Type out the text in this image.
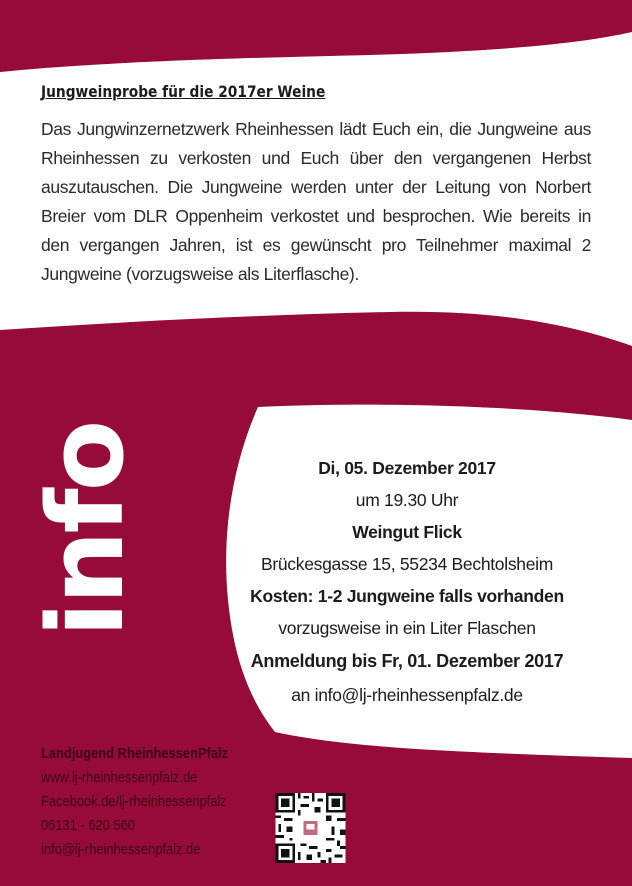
Jungweinprobe für die 2017er Weine

Das Jungwinzernetzwerk Rheinhessen lädt Euch ein, die Jungweine aus Rheinhessen zu verkosten und Euch über den vergangenen Herbst auszutauschen. Die Jungweine werden unter der Leitung von Norbert Breier vom DLR Oppenheim verkostet und besprochen. Wie bereits in den vergangen Jahren, ist es gewünscht pro Teilnehmer maximal 2 Jungweine (vorzugsweise als Literflasche).

info	Di, 05. Dezember 2017
um 19.30 Uhr
Weingut Flick
Brückesgasse 15, 55234 Bechtolsheim
Kosten: 1-2 Jungweine falls vorhanden
vorzugsweise in ein Liter Flaschen
Anmeldung bis Fr, 01. Dezember 2017
an info@lj-rheinhessenpfalz.de
Landjugend RheinhessenPfalz
www.lj-rheinhessenpfalz.de
Facebook.de/lj-rheinhessenpfalz
06131 - 620 560
info@lj-rheinhessenpfalz.de
